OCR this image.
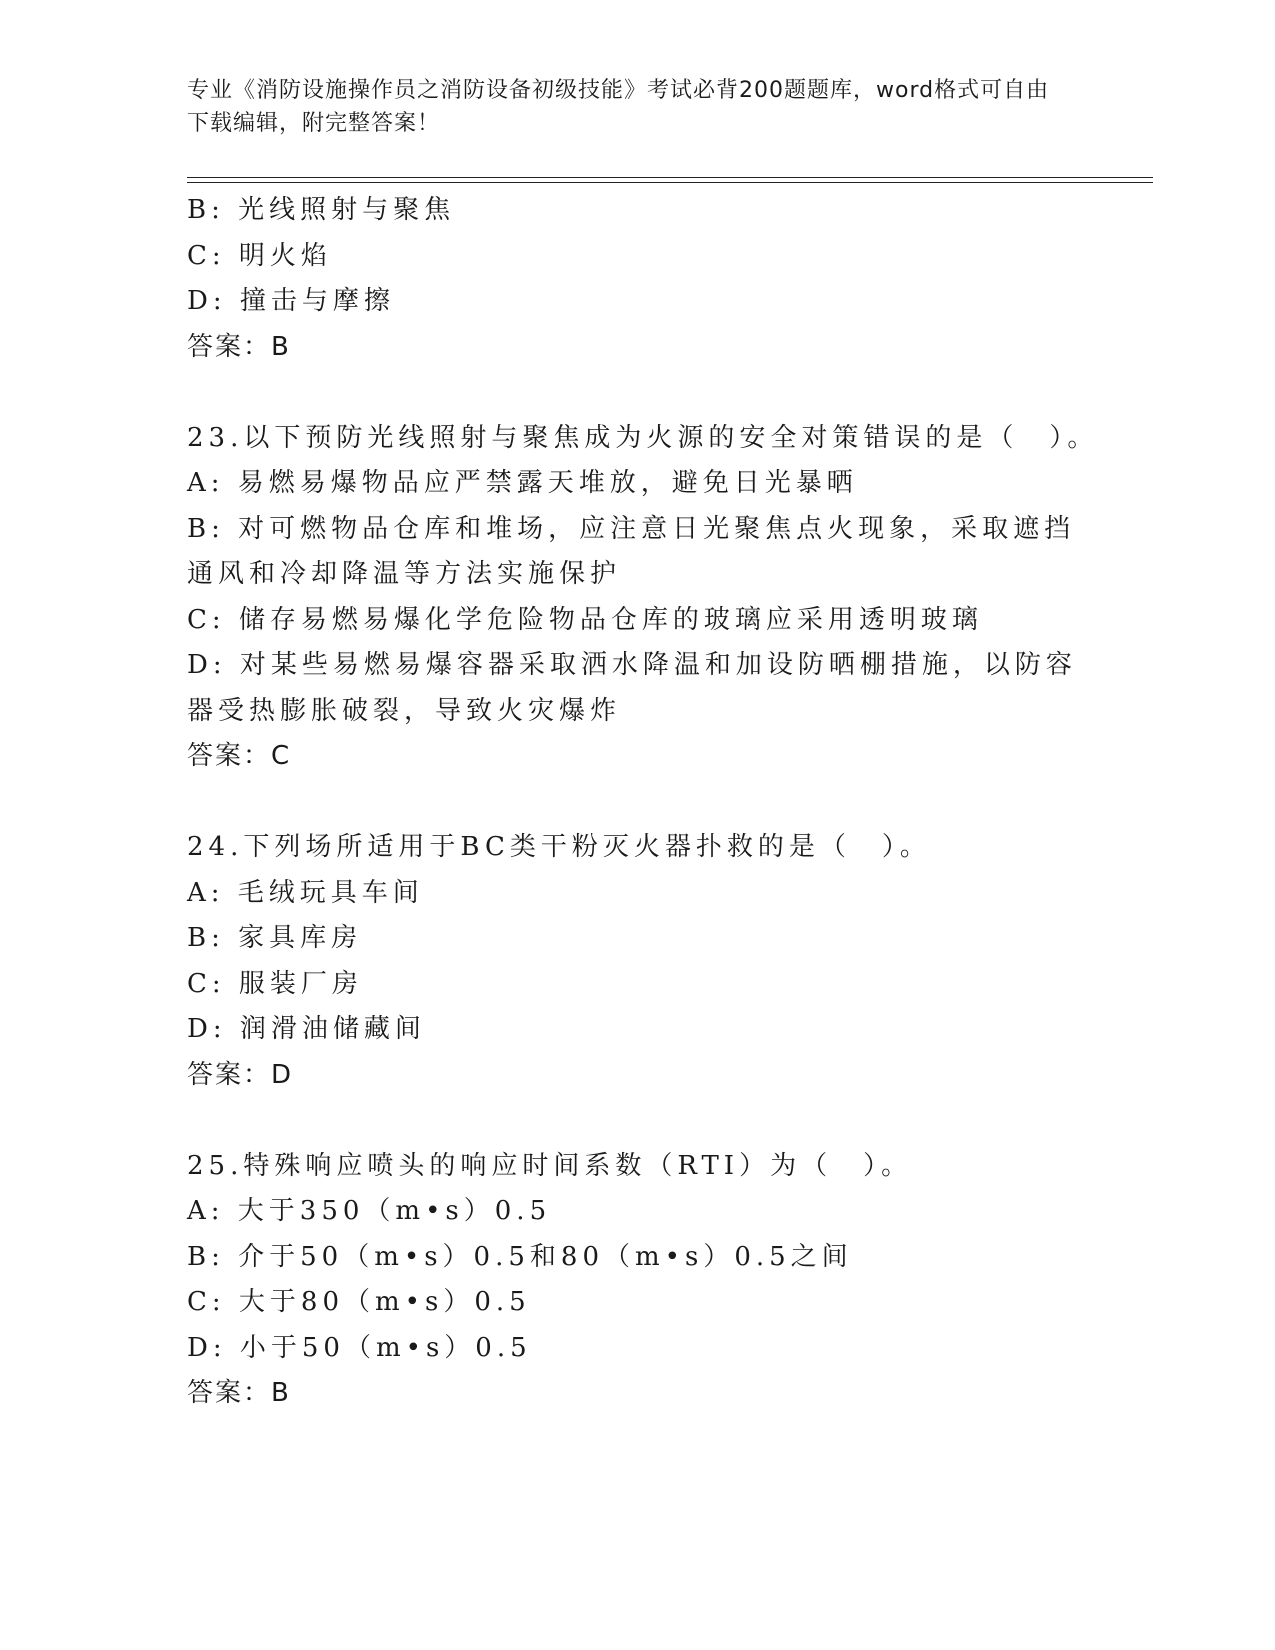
专业《消防设施操作员之消防设备初级技能》考试必背200题题库，word格式可自由下载编辑，附完整答案！
B: 光线照射与聚焦
C: 明火焰
D: 撞击与摩擦
答案：B
23.以下预防光线照射与聚焦成为火源的安全对策错误的是（　）。
A: 易燃易爆物品应严禁露天堆放，避免日光暴晒
B: 对可燃物品仓库和堆场，应注意日光聚焦点火现象，采取遮挡通风和冷却降温等方法实施保护
C: 储存易燃易爆化学危险物品仓库的玻璃应采用透明玻璃
D: 对某些易燃易爆容器采取洒水降温和加设防晒棚措施，以防容器受热膨胀破裂，导致火灾爆炸
答案：C
24.下列场所适用于BC类干粉灭火器扑救的是（　）。
A: 毛绒玩具车间
B: 家具库房
C: 服装厂房
D: 润滑油储藏间
答案：D
25.特殊响应喷头的响应时间系数（RTI）为（　）。
A: 大于350（m•s）0.5
B: 介于50（m•s）0.5和80（m•s）0.5之间
C: 大于80（m•s）0.5
D: 小于50（m•s）0.5
答案：B
